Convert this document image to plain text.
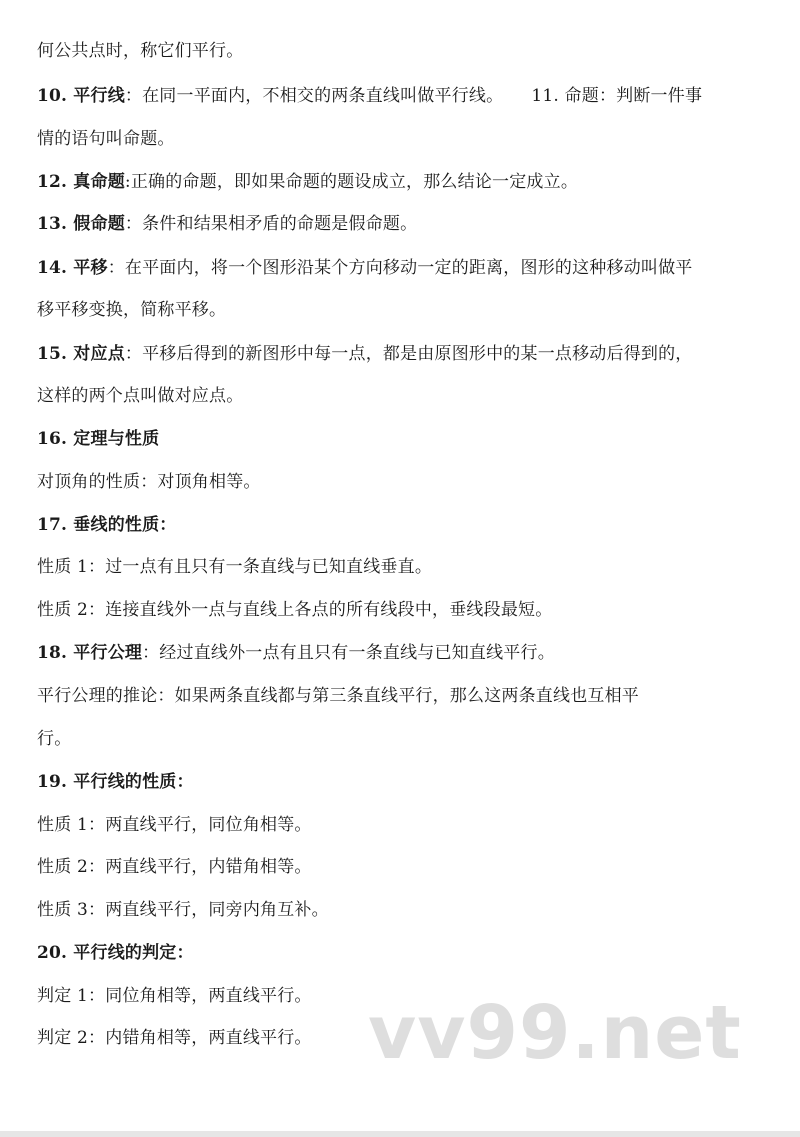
何公共点时，称它们平行。
10. 平行线：在同一平面内，不相交的两条直线叫做平行线。 11. 命题：判断一件事
情的语句叫命题。
12. 真命题:正确的命题，即如果命题的题设成立，那么结论一定成立。
13. 假命题：条件和结果相矛盾的命题是假命题。
14. 平移：在平面内，将一个图形沿某个方向移动一定的距离，图形的这种移动叫做平
移平移变换，简称平移。
15. 对应点：平移后得到的新图形中每一点，都是由原图形中的某一点移动后得到的，
这样的两个点叫做对应点。
16. 定理与性质
对顶角的性质：对顶角相等。
17. 垂线的性质：
性质 1：过一点有且只有一条直线与已知直线垂直。
性质 2：连接直线外一点与直线上各点的所有线段中，垂线段最短。
18. 平行公理：经过直线外一点有且只有一条直线与已知直线平行。
平行公理的推论：如果两条直线都与第三条直线平行，那么这两条直线也互相平
行。
19. 平行线的性质：
性质 1：两直线平行，同位角相等。
性质 2：两直线平行，内错角相等。
性质 3：两直线平行，同旁内角互补。
20. 平行线的判定：
判定 1：同位角相等，两直线平行。
判定 2：内错角相等，两直线平行。 vv99.net
